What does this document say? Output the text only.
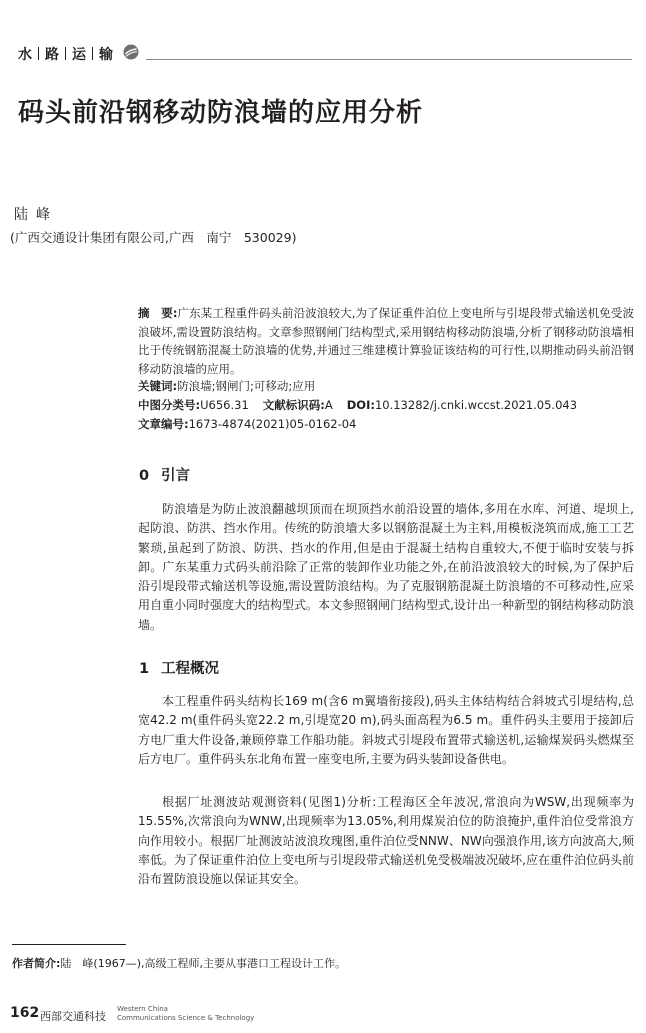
水 路 运 输
码头前沿钢移动防浪墙的应用分析
陆峰
(广西交通设计集团有限公司,广西　南宁　530029)
摘　要:广东某工程重件码头前沿波浪较大,为了保证重件泊位上变电所与引堤段带式输送机免受波浪破坏,需设置防浪结构。文章参照钢闸门结构型式,采用钢结构移动防浪墙,分析了钢移动防浪墙相比于传统钢筋混凝土防浪墙的优势,并通过三维建模计算验证该结构的可行性,以期推动码头前沿钢移动防浪墙的应用。
关键词:防浪墙;钢闸门;可移动;应用
中图分类号:U656.31 文献标识码:A DOI:10.13282/j.cnki.wccst.2021.05.043
文章编号:1673-4874(2021)05-0162-04
0 引言
防浪墙是为防止波浪翻越坝顶而在坝顶挡水前沿设置的墙体,多用在水库、河道、堤坝上,起防浪、防洪、挡水作用。传统的防浪墙大多以钢筋混凝土为主料,用模板浇筑而成,施工工艺繁琐,虽起到了防浪、防洪、挡水的作用,但是由于混凝土结构自重较大,不便于临时安装与拆卸。广东某重力式码头前沿除了正常的装卸作业功能之外,在前沿波浪较大的时候,为了保护后沿引堤段带式输送机等设施,需设置防浪结构。为了克服钢筋混凝土防浪墙的不可移动性,应采用自重小同时强度大的结构型式。本文参照钢闸门结构型式,设计出一种新型的钢结构移动防浪墙。
1 工程概况
本工程重件码头结构长169 m(含6 m翼墙衔接段),码头主体结构结合斜坡式引堤结构,总宽42.2 m(重件码头宽22.2 m,引堤宽20 m),码头面高程为6.5 m。重件码头主要用于接卸后方电厂重大件设备,兼顾停靠工作船功能。斜坡式引堤段布置带式输送机,运输煤炭码头燃煤至后方电厂。重件码头东北角布置一座变电所,主要为码头装卸设备供电。
根据厂址测波站观测资料(见图1)分析:工程海区全年波况,常浪向为WSW,出现频率为15.55%,次常浪向为WNW,出现频率为13.05%,利用煤炭泊位的防浪掩护,重件泊位受常浪方向作用较小。根据厂址测波站波浪玫瑰图,重件泊位受NNW、NW向强浪作用,该方向波高大,频率低。为了保证重件泊位上变电所与引堤段带式输送机免受极端波况破坏,应在重件泊位码头前沿布置防浪设施以保证其安全。
作者简介:陆　峰(1967—),高级工程师,主要从事港口工程设计工作。
162 西部交通科技
Western China
Communications Science & Technology
